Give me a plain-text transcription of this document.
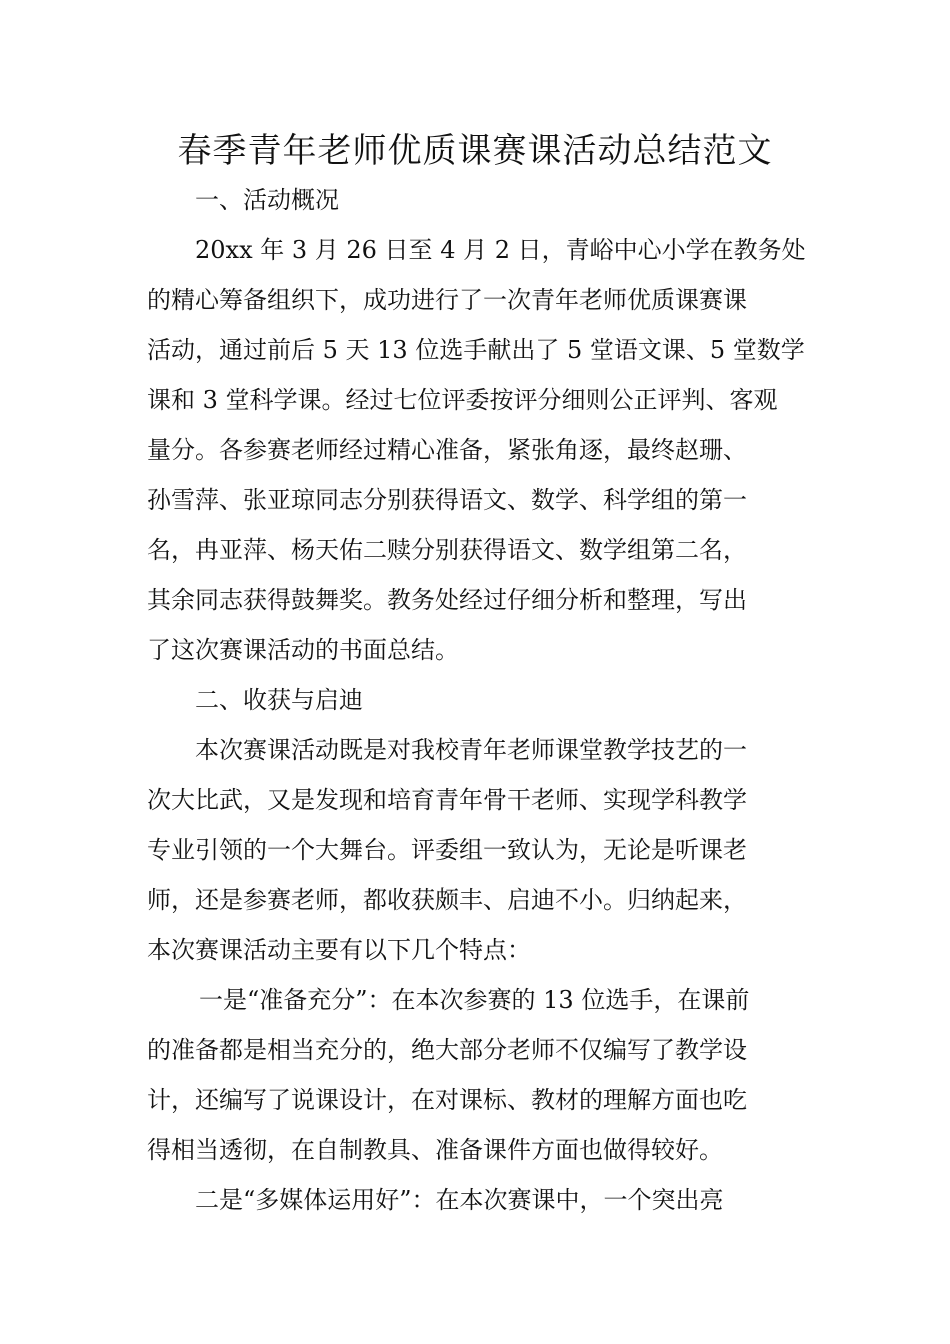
春季青年老师优质课赛课活动总结范文

一、活动概况

20xx 年 3 月 26 日至 4 月 2 日，青峪中心小学在教务处

的精心筹备组织下，成功进行了一次青年老师优质课赛课

活动，通过前后 5 天 13 位选手献出了 5 堂语文课、5 堂数学

课和 3 堂科学课。经过七位评委按评分细则公正评判、客观

量分。各参赛老师经过精心准备，紧张角逐，最终赵珊、

孙雪萍、张亚琼同志分别获得语文、数学、科学组的第一

名，冉亚萍、杨天佑二赎分别获得语文、数学组第二名，

其余同志获得鼓舞奖。教务处经过仔细分析和整理，写出

了这次赛课活动的书面总结。

二、收获与启迪

本次赛课活动既是对我校青年老师课堂教学技艺的一

次大比武，又是发现和培育青年骨干老师、实现学科教学

专业引领的一个大舞台。评委组一致认为，无论是听课老

师，还是参赛老师，都收获颇丰、启迪不小。归纳起来，

本次赛课活动主要有以下几个特点：

一是“准备充分”：在本次参赛的 13 位选手，在课前

的准备都是相当充分的，绝大部分老师不仅编写了教学设

计，还编写了说课设计，在对课标、教材的理解方面也吃

得相当透彻，在自制教具、准备课件方面也做得较好。

二是“多媒体运用好”：在本次赛课中，一个突出亮
